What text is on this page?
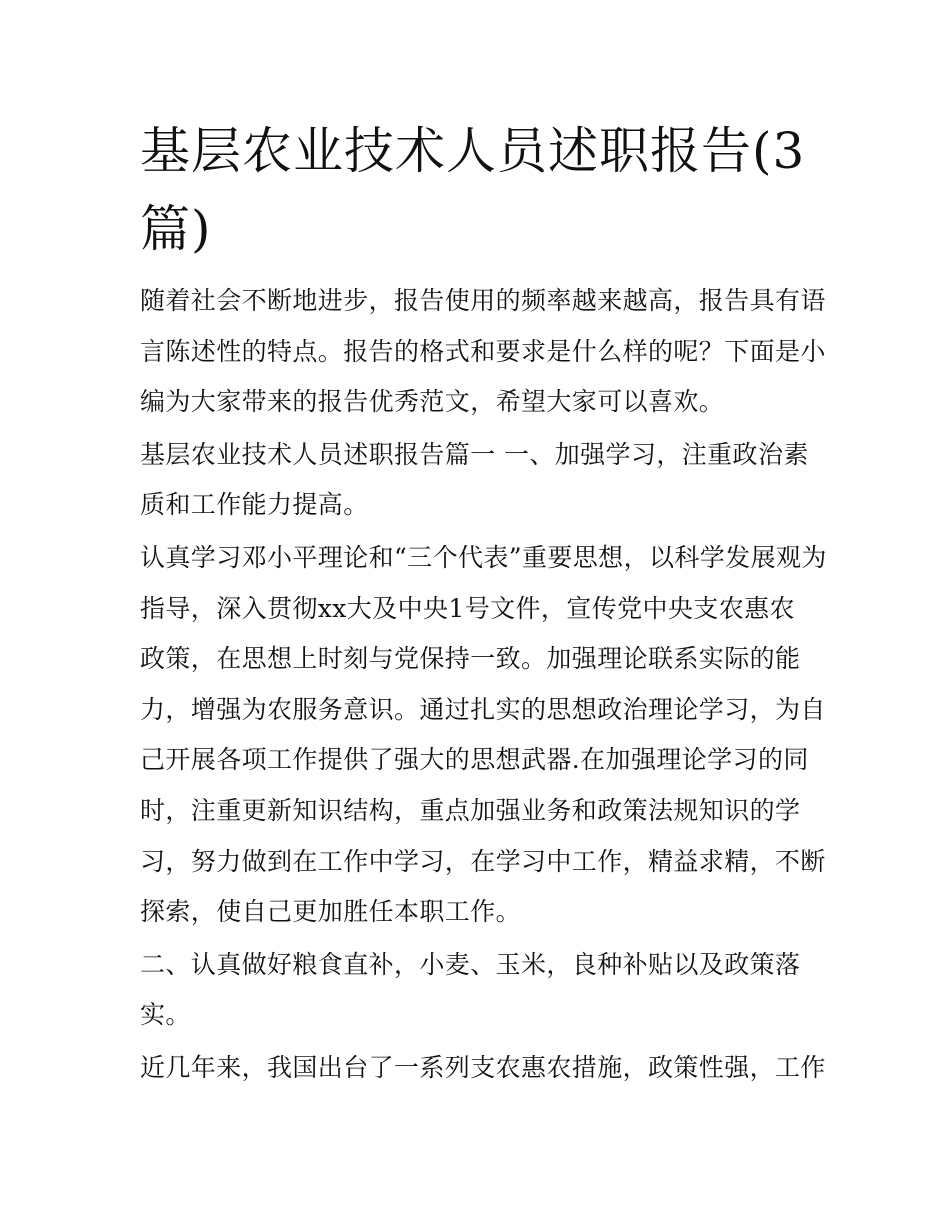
基层农业技术人员述职报告(3
篇)
随着社会不断地进步，报告使用的频率越来越高，报告具有语
言陈述性的特点。报告的格式和要求是什么样的呢？下面是小
编为大家带来的报告优秀范文，希望大家可以喜欢。
基层农业技术人员述职报告篇一 一、加强学习，注重政治素
质和工作能力提高。
认真学习邓小平理论和“三个代表”重要思想，以科学发展观为
指导，深入贯彻xx大及中央1号文件，宣传党中央支农惠农
政策，在思想上时刻与党保持一致。加强理论联系实际的能
力，增强为农服务意识。通过扎实的思想政治理论学习，为自
己开展各项工作提供了强大的思想武器.在加强理论学习的同
时，注重更新知识结构，重点加强业务和政策法规知识的学
习，努力做到在工作中学习，在学习中工作，精益求精，不断
探索，使自己更加胜任本职工作。
二、认真做好粮食直补，小麦、玉米，良种补贴以及政策落
实。
近几年来，我国出台了一系列支农惠农措施，政策性强，工作
